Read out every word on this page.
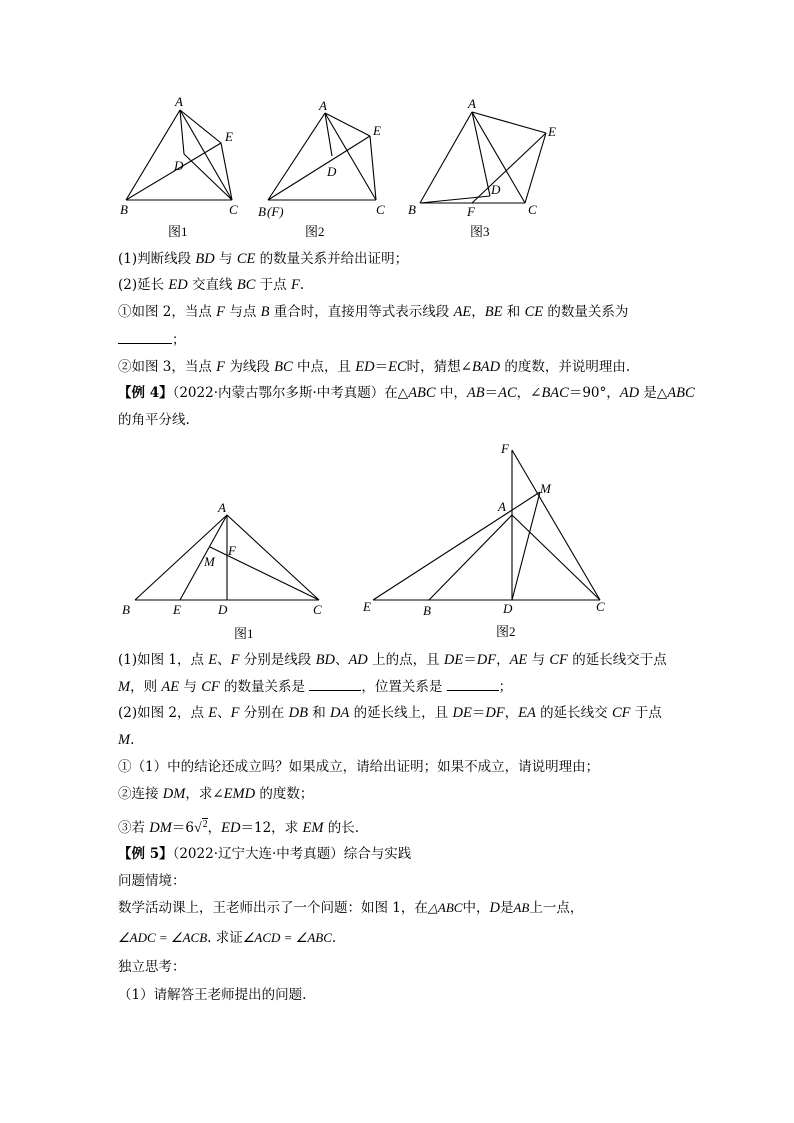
A
E
D
B	C
图1
A
E
D
B (F)	C
图2
A
E
D
B	F	C
图3
(1)判断线段 BD 与 CE 的数量关系并给出证明；
(2)延长 ED 交直线 BC 于点 F.
①如图 2，当点 F 与点 B 重合时，直接用等式表示线段 AE，BE 和 CE 的数量关系为
；
②如图 3，当点 F 为线段 BC 中点，且 ED＝EC时，猜想∠BAD 的度数，并说明理由.
【例 4】（2022·内蒙古鄂尔多斯·中考真题）在△ABC 中，AB＝AC，∠BAC＝90°，AD 是△ABC
的角平分线.
A
F
M
B	E	D	C
图1
F
M
A
E	B	D	C
图2
(1)如图 1，点 E、F 分别是线段 BD、AD 上的点，且 DE＝DF，AE 与 CF 的延长线交于点
M，则 AE 与 CF 的数量关系是	，位置关系是	；
(2)如图 2，点 E、F 分别在 DB 和 DA 的延长线上，且 DE＝DF，EA 的延长线交 CF 于点
M.
①（1）中的结论还成立吗？如果成立，请给出证明；如果不成立，请说明理由；
②连接 DM，求∠EMD 的度数；
③若 DM＝6√$^2$，ED＝12，求 EM 的长.
【例 5】（2022·辽宁大连·中考真题）综合与实践
问题情境：
数学活动课上，王老师出示了一个问题：如图 1，在△ABC中，D是AB上一点，
∠ADC = ∠ACB. 求证∠ACD = ∠ABC.
独立思考：
（1）请解答王老师提出的问题.
